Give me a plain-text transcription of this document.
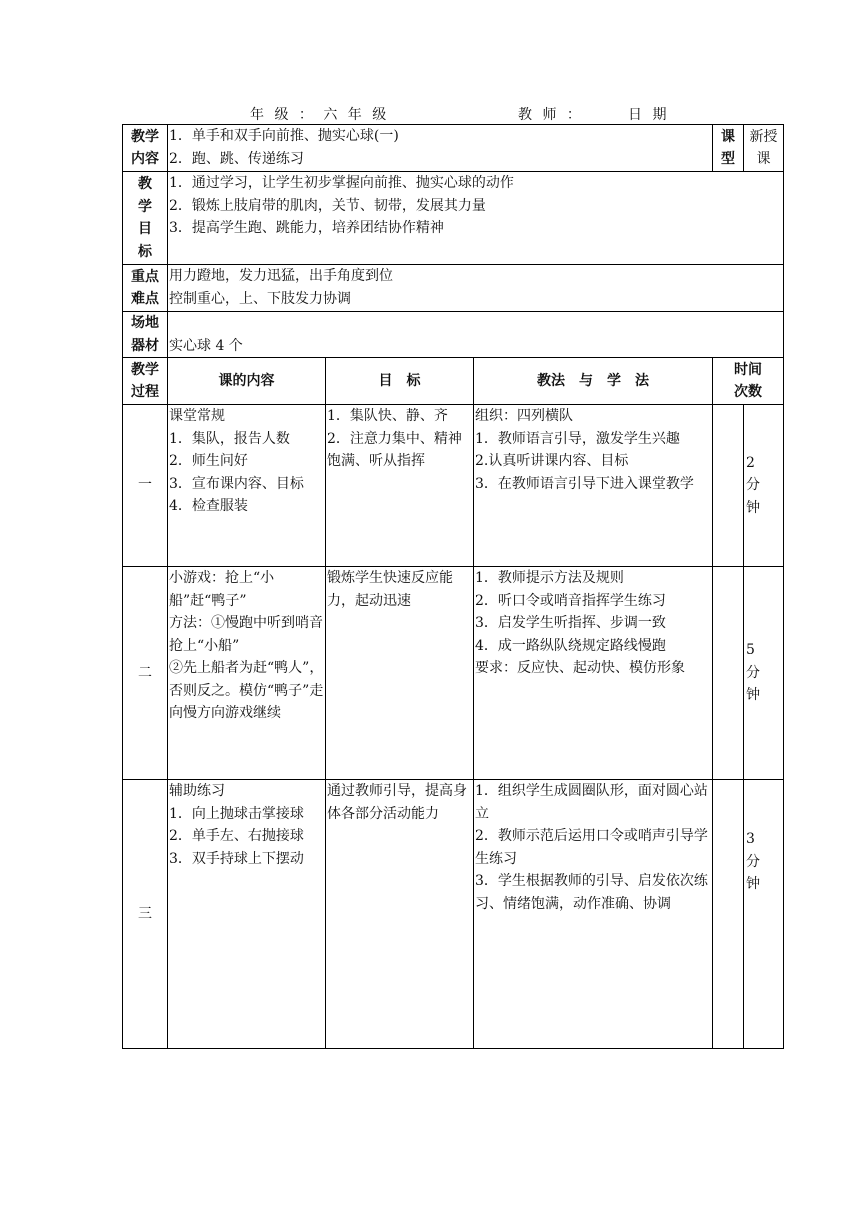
年 级 ： 六 年 级	教 师 ：	日 期
教学
内容	1．单手和双手向前推、抛实心球(一)
2．跑、跳、传递练习			课
型	新授课

教
学
目
标	1．通过学习，让学生初步掌握向前推、抛实心球的动作
2．锻炼上肢肩带的肌肉，关节、韧带，发展其力量
3．提高学生跑、跳能力，培养团结协作精神				

重点
难点	用力蹬地，发力迅猛，出手角度到位
控制重心，上、下肢发力协调				

场地
器材	实心球 4 个				

教学
过程	课的内容	目　标	教法　与　学　法	时间
次数	

一	课堂常规
1．集队，报告人数
2．师生问好
3．宣布课内容、目标
4．检查服装	1．集队快、静、齐
2．注意力集中、精神饱满、听从指挥	组织：四列横队
1．教师语言引导，激发学生兴趣
2.认真听讲课内容、目标
3．在教师语言引导下进入课堂教学		2
分
钟

二	小游戏：抢上“小船”赶“鸭子”
方法：①慢跑中听到哨音抢上“小船”
②先上船者为赶“鸭人”，否则反之。模仿“鸭子”走向慢方向游戏继续	锻炼学生快速反应能力，起动迅速	1．教师提示方法及规则
2．听口令或哨音指挥学生练习
3．启发学生听指挥、步调一致
4．成一路纵队绕规定路线慢跑
要求：反应快、起动快、模仿形象		5
分
钟

三	辅助练习
1．向上抛球击掌接球
2．单手左、右抛接球
3．双手持球上下摆动	通过教师引导，提高身体各部分活动能力	1．组织学生成圆圈队形，面对圆心站立
2．教师示范后运用口令或哨声引导学生练习
3．学生根据教师的引导、启发依次练习、情绪饱满，动作准确、协调		3
分
钟
